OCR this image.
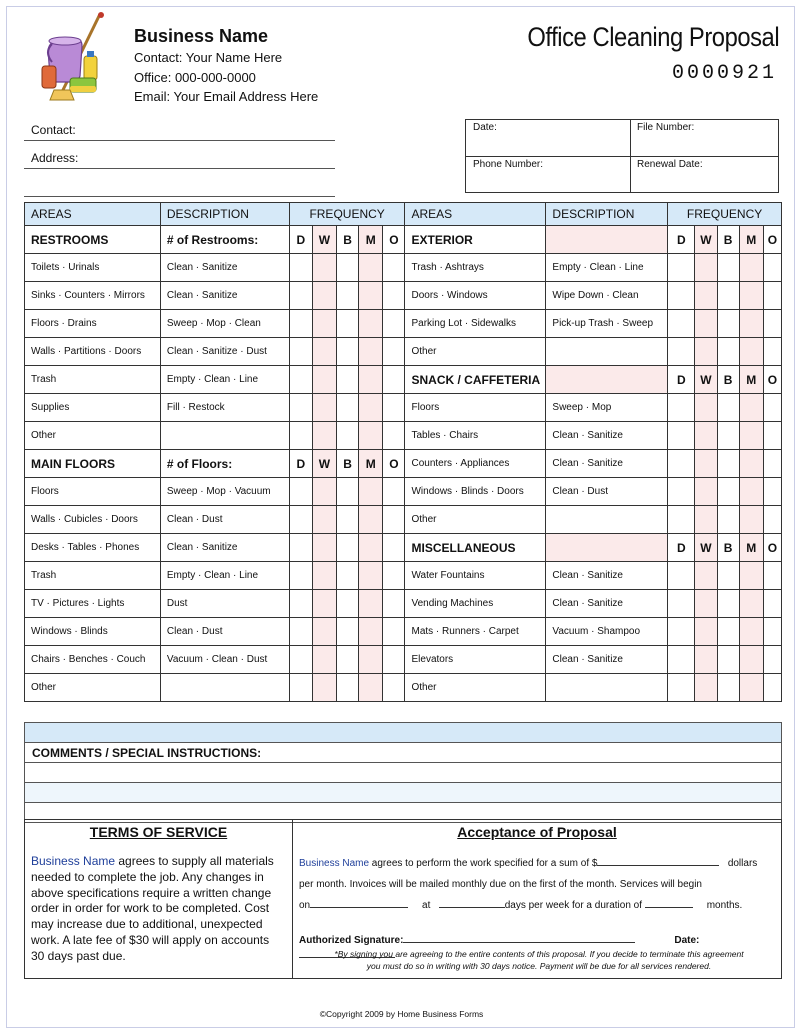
Business Name
Contact: Your Name Here
Office: 000-000-0000
Email: Your Email Address Here
Office Cleaning Proposal
0000921
Contact:
Address:
Date:	File Number:
Phone Number:	Renewal Date:
AREAS	DESCRIPTION	FREQUENCY					AREAS	DESCRIPTION	FREQUENCY				
RESTROOMS	# of Restrooms:	D	W	B	M	O	EXTERIOR		D	W	B	M	O
Toilets · Urinals	Clean · Sanitize						Trash · Ashtrays	Empty · Clean · Line					
Sinks · Counters · Mirrors	Clean · Sanitize						Doors · Windows	Wipe Down · Clean					
Floors · Drains	Sweep · Mop · Clean						Parking Lot · Sidewalks	Pick-up Trash · Sweep					
Walls · Partitions · Doors	Clean · Sanitize · Dust						Other						
Trash	Empty · Clean · Line						SNACK / CAFFETERIA		D	W	B	M	O
Supplies	Fill · Restock						Floors	Sweep · Mop					
Other							Tables · Chairs	Clean · Sanitize					
MAIN FLOORS	# of Floors:	D	W	B	M	O	Counters · Appliances	Clean · Sanitize					
Floors	Sweep · Mop · Vacuum						Windows · Blinds · Doors	Clean · Dust					
Walls · Cubicles · Doors	Clean · Dust						Other						
Desks · Tables · Phones	Clean · Sanitize						MISCELLANEOUS		D	W	B	M	O
Trash	Empty · Clean · Line						Water Fountains	Clean · Sanitize					
TV · Pictures · Lights	Dust						Vending Machines	Clean · Sanitize					
Windows · Blinds	Clean · Dust						Mats · Runners · Carpet	Vacuum · Shampoo					
Chairs · Benches · Couch	Vacuum · Clean · Dust						Elevators	Clean · Sanitize					
Other							Other						

COMMENTS / SPECIAL INSTRUCTIONS:

TERMS OF SERVICE
Business Name agrees to supply all materials needed to complete the job. Any changes in above specifications require a written change order in order for work to be completed. Cost may increase due to additional, unexpected work. A late fee of $30 will apply on accounts 30 days past due.
Acceptance of Proposal
Business Name agrees to perform the work specified for a sum of $	dollars
per month. Invoices will be mailed monthly due on the first of the month. Services will begin
on	at	days per week for a duration of	months.
Authorized Signature:	Date:
*By signing you are agreeing to the entire contents of this proposal. If you decide to terminate this agreement
you must do so in writing with 30 days notice. Payment will be due for all services rendered.
©Copyright 2009 by Home Business Forms
